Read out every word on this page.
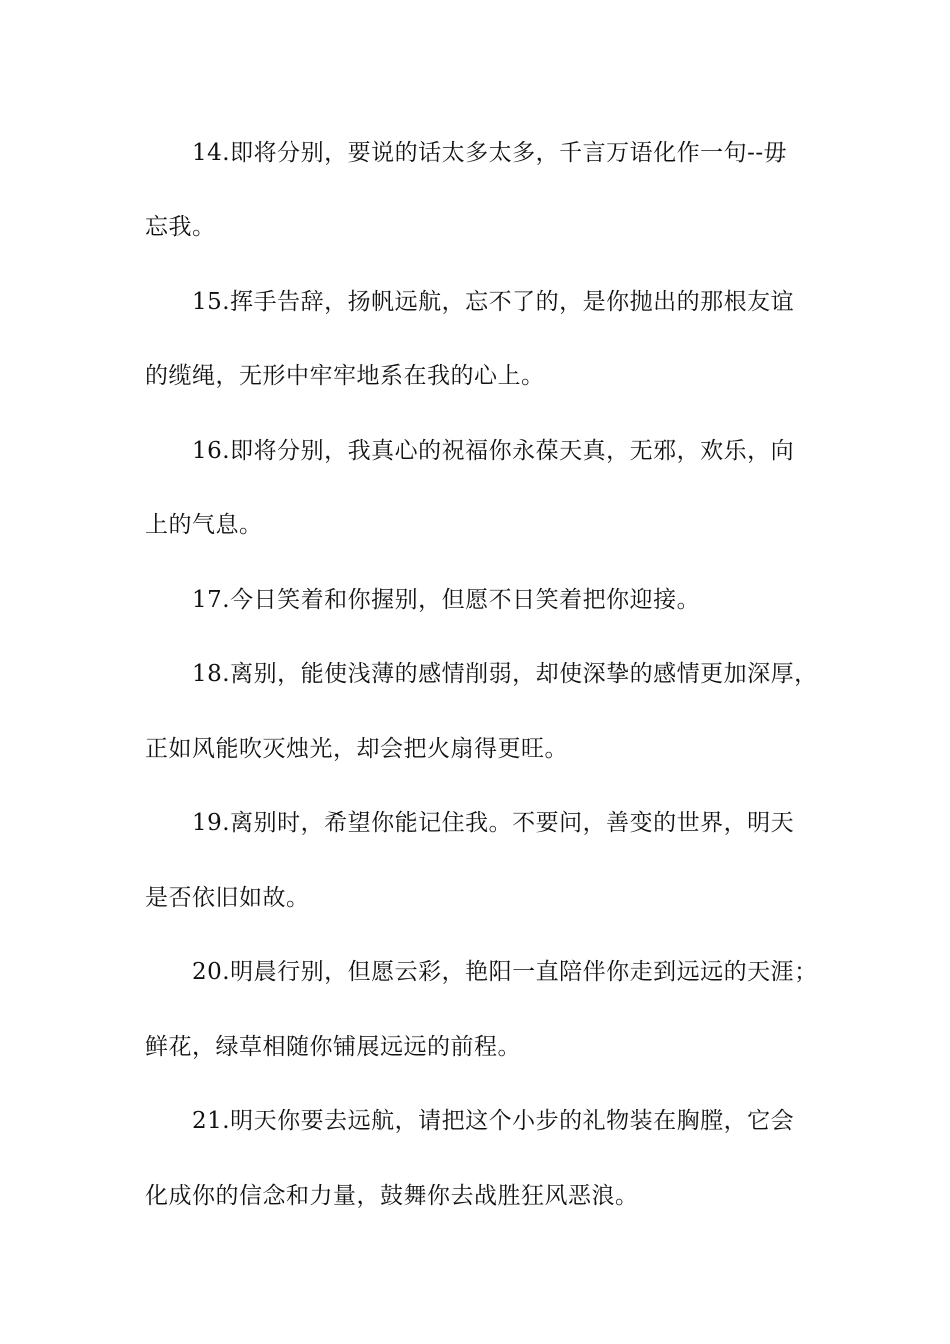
14.即将分别，要说的话太多太多，千言万语化作一句--毋

忘我。

15.挥手告辞，扬帆远航，忘不了的，是你抛出的那根友谊

的缆绳，无形中牢牢地系在我的心上。

16.即将分别，我真心的祝福你永葆天真，无邪，欢乐，向

上的气息。

17.今日笑着和你握别，但愿不日笑着把你迎接。

18.离别，能使浅薄的感情削弱，却使深挚的感情更加深厚，

正如风能吹灭烛光，却会把火扇得更旺。

19.离别时，希望你能记住我。不要问，善变的世界，明天

是否依旧如故。

20.明晨行别，但愿云彩，艳阳一直陪伴你走到远远的天涯；

鲜花，绿草相随你铺展远远的前程。

21.明天你要去远航，请把这个小步的礼物装在胸膛，它会

化成你的信念和力量，鼓舞你去战胜狂风恶浪。
